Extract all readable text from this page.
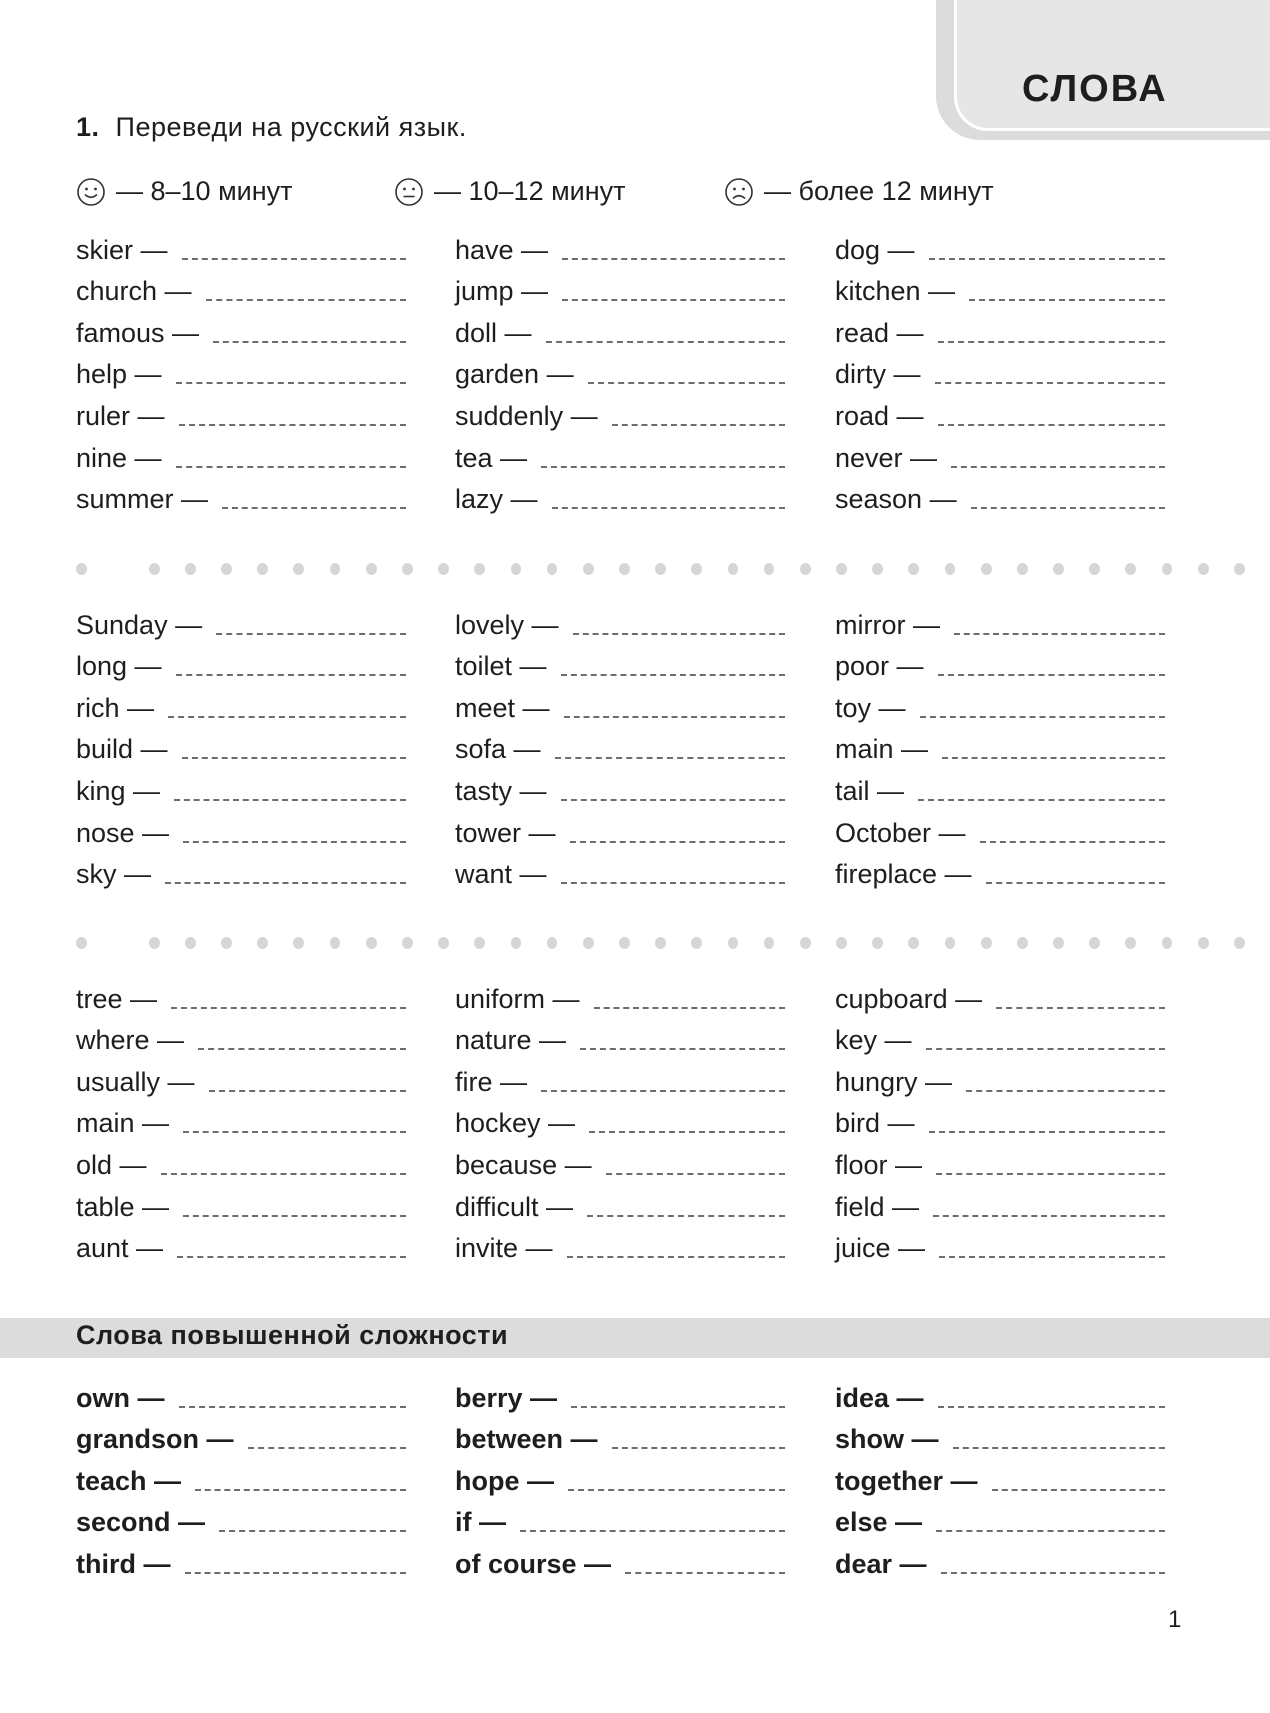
СЛОВА
1. Переведи на русский язык.
— 8–10 минут	— 10–12 минут	— более 12 минут
skier —
church —
famous —
help —
ruler —
nine —
summer —
have —
jump —
doll —
garden —
suddenly —
tea —
lazy —
dog —
kitchen —
read —
dirty —
road —
never —
season —
Sunday —
long —
rich —
build —
king —
nose —
sky —
lovely —
toilet —
meet —
sofa —
tasty —
tower —
want —
mirror —
poor —
toy —
main —
tail —
October —
fireplace —
tree —
where —
usually —
main —
old —
table —
aunt —
uniform —
nature —
fire —
hockey —
because —
difficult —
invite —
cupboard —
key —
hungry —
bird —
floor —
field —
juice —
Слова повышенной сложности
own —
grandson —
teach —
second —
third —
berry —
between —
hope —
if —
of course —
idea —
show —
together —
else —
dear —
1
